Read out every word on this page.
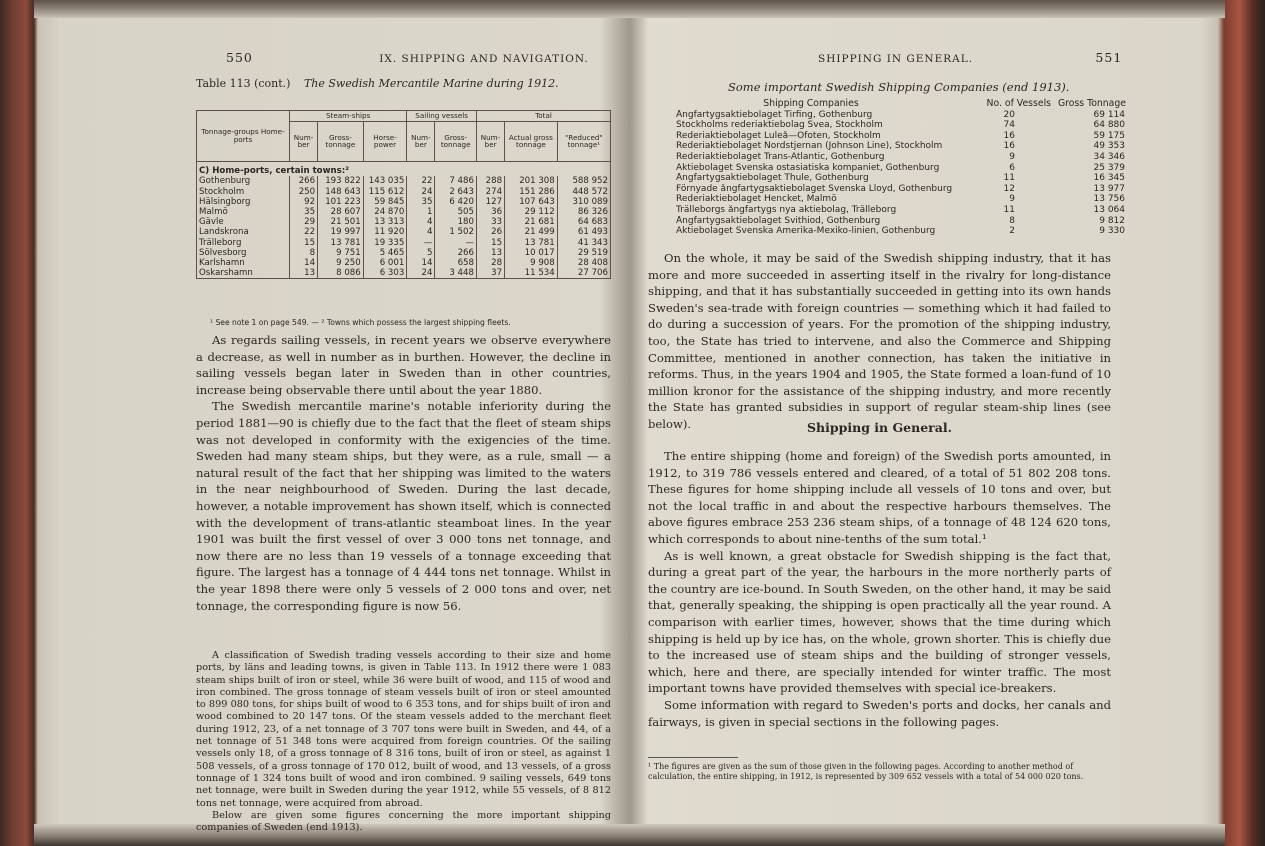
550	IX. SHIPPING AND NAVIGATION.
Table 113 (cont.) The Swedish Mercantile Marine during 1912.
Tonnage-groups Home-ports	Steam-ships			Sailing vessels		Total		
	Num-ber	Gross-tonnage	Horse-power	Num-ber	Gross-tonnage	Num-ber	Actual gross tonnage	"Reduced" tonnage¹
C) Home-ports, certain towns:²								
Gothenburg	266	193 822	143 035	22	7 486	288	201 308	588 952
Stockholm	250	148 643	115 612	24	2 643	274	151 286	448 572
Hälsingborg	92	101 223	59 845	35	6 420	127	107 643	310 089
Malmö	35	28 607	24 870	1	505	36	29 112	86 326
Gävle	29	21 501	13 313	4	180	33	21 681	64 683
Landskrona	22	19 997	11 920	4	1 502	26	21 499	61 493
Trälleborg	15	13 781	19 335	—	—	15	13 781	41 343
Sölvesborg	8	9 751	5 465	5	266	13	10 017	29 519
Karlshamn	14	9 250	6 001	14	658	28	9 908	28 408
Oskarshamn	13	8 086	6 303	24	3 448	37	11 534	27 706
¹ See note 1 on page 549. — ² Towns which possess the largest shipping fleets.

As regards sailing vessels, in recent years we observe everywhere a decrease, as well in number as in burthen. However, the decline in sailing vessels began later in Sweden than in other countries, increase being observable there until about the year 1880.

The Swedish mercantile marine's notable inferiority during the period 1881—90 is chiefly due to the fact that the fleet of steam ships was not developed in conformity with the exigencies of the time. Sweden had many steam ships, but they were, as a rule, small — a natural result of the fact that her shipping was limited to the waters in the near neighbourhood of Sweden. During the last decade, however, a notable improvement has shown itself, which is connected with the development of trans-atlantic steamboat lines. In the year 1901 was built the first vessel of over 3 000 tons net tonnage, and now there are no less than 19 vessels of a tonnage exceeding that figure. The largest has a tonnage of 4 444 tons net tonnage. Whilst in the year 1898 there were only 5 vessels of 2 000 tons and over, net tonnage, the corresponding figure is now 56.

A classification of Swedish trading vessels according to their size and home ports, by läns and leading towns, is given in Table 113. In 1912 there were 1 083 steam ships built of iron or steel, while 36 were built of wood, and 115 of wood and iron combined. The gross tonnage of steam vessels built of iron or steel amounted to 899 080 tons, for ships built of wood to 6 353 tons, and for ships built of iron and wood combined to 20 147 tons. Of the steam vessels added to the merchant fleet during 1912, 23, of a net tonnage of 3 707 tons were built in Sweden, and 44, of a net tonnage of 51 348 tons were acquired from foreign countries. Of the sailing vessels only 18, of a gross tonnage of 8 316 tons, built of iron or steel, as against 1 508 vessels, of a gross tonnage of 170 012, built of wood, and 13 vessels, of a gross tonnage of 1 324 tons built of wood and iron combined. 9 sailing vessels, 649 tons net tonnage, were built in Sweden during the year 1912, while 55 vessels, of 8 812 tons net tonnage, were acquired from abroad.

Below are given some figures concerning the more important shipping companies of Sweden (end 1913).

SHIPPING IN GENERAL.	551
Some important Swedish Shipping Companies (end 1913).
Shipping Companies	No. of Vessels Gross Tonnage
Ångfartygsaktiebolaget Tirfing, Gothenburg	20	69 114
Stockholms rederiaktiebolag Svea, Stockholm	74	64 880
Rederiaktiebolaget Luleå—Ofoten, Stockholm	16	59 175
Rederiaktiebolaget Nordstjernan (Johnson Line), Stockholm	16	49 353
Rederiaktiebolaget Trans-Atlantic, Gothenburg	9	34 346
Aktiebolaget Svenska ostasiatiska kompaniet, Gothenburg	6	25 379
Ångfartygsaktiebolaget Thule, Gothenburg	11	16 345
Förnyade ångfartygsaktiebolaget Svenska Lloyd, Gothenburg	12	13 977
Rederiaktiebolaget Hencket, Malmö	9	13 756
Trälleborgs ångfartygs nya aktiebolag, Trälleborg	11	13 064
Ångfartygsaktiebolaget Svithiod, Gothenburg	8	9 812
Aktiebolaget Svenska Amerika-Mexiko-linien, Gothenburg	2	9 330

On the whole, it may be said of the Swedish shipping industry, that it has more and more succeeded in asserting itself in the rivalry for long-distance shipping, and that it has substantially succeeded in getting into its own hands Sweden's sea-trade with foreign countries — something which it had failed to do during a succession of years. For the promotion of the shipping industry, too, the State has tried to intervene, and also the Commerce and Shipping Committee, mentioned in another connection, has taken the initiative in reforms. Thus, in the years 1904 and 1905, the State formed a loan-fund of 10 million kronor for the assistance of the shipping industry, and more recently the State has granted subsidies in support of regular steam-ship lines (see below).	Shipping in General.

The entire shipping (home and foreign) of the Swedish ports amounted, in 1912, to 319 786 vessels entered and cleared, of a total of 51 802 208 tons. These figures for home shipping include all vessels of 10 tons and over, but not the local traffic in and about the respective harbours themselves. The above figures embrace 253 236 steam ships, of a tonnage of 48 124 620 tons, which corresponds to about nine-tenths of the sum total.¹

As is well known, a great obstacle for Swedish shipping is the fact that, during a great part of the year, the harbours in the more northerly parts of the country are ice-bound. In South Sweden, on the other hand, it may be said that, generally speaking, the shipping is open practically all the year round. A comparison with earlier times, however, shows that the time during which shipping is held up by ice has, on the whole, grown shorter. This is chiefly due to the increased use of steam ships and the building of stronger vessels, which, here and there, are specially intended for winter traffic. The most important towns have provided themselves with special ice-breakers.

Some information with regard to Sweden's ports and docks, her canals and fairways, is given in special sections in the following pages.

¹ The figures are given as the sum of those given in the following pages. According to another method of calculation, the entire shipping, in 1912, is represented by 309 652 vessels with a total of 54 000 020 tons.
